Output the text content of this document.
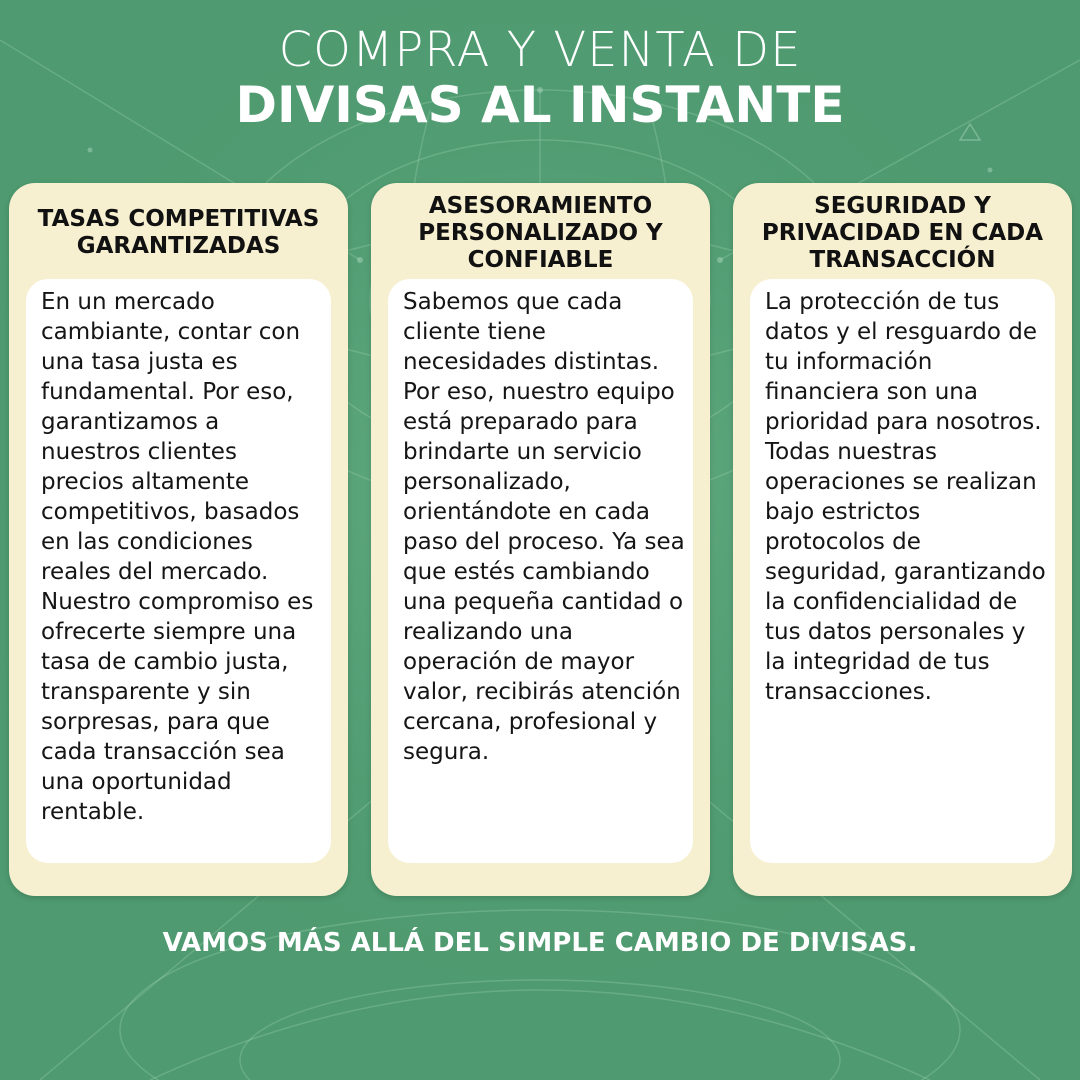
COMPRA Y VENTA DE
DIVISAS AL INSTANTE
TASAS COMPETITIVAS GARANTIZADAS

En un mercado cambiante, contar con una tasa justa es fundamental. Por eso, garantizamos a nuestros clientes precios altamente competitivos, basados en las condiciones reales del mercado. Nuestro compromiso es ofrecerte siempre una tasa de cambio justa, transparente y sin sorpresas, para que cada transacción sea una oportunidad rentable.

ASESORAMIENTO PERSONALIZADO Y CONFIABLE

Sabemos que cada cliente tiene necesidades distintas. Por eso, nuestro equipo está preparado para brindarte un servicio personalizado, orientándote en cada paso del proceso. Ya sea que estés cambiando una pequeña cantidad o realizando una operación de mayor valor, recibirás atención cercana, profesional y segura.

SEGURIDAD Y PRIVACIDAD EN CADA TRANSACCIÓN

La protección de tus datos y el resguardo de tu información financiera son una prioridad para nosotros. Todas nuestras operaciones se realizan bajo estrictos protocolos de seguridad, garantizando la confidencialidad de tus datos personales y la integridad de tus transacciones.

VAMOS MÁS ALLÁ DEL SIMPLE CAMBIO DE DIVISAS.
